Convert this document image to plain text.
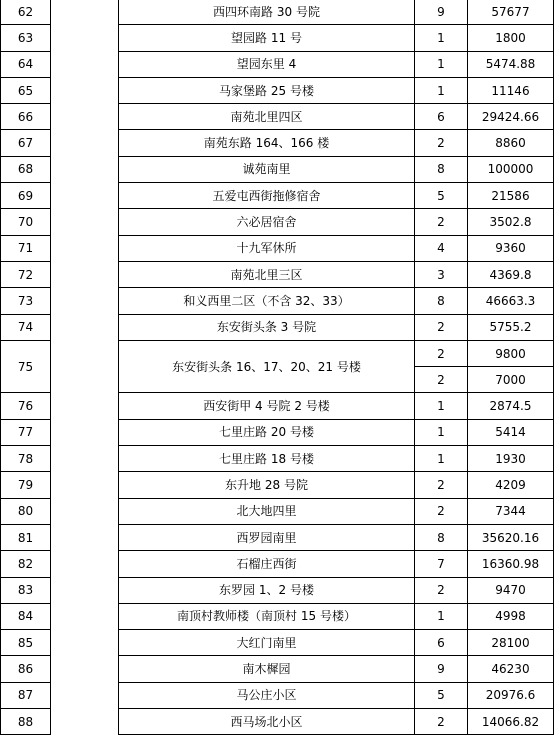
62		西四环南路 30 号院	9	57677
63		望园路 11 号	1	1800
64		望园东里 4	1	5474.88
65		马家堡路 25 号楼	1	11146
66		南苑北里四区	6	29424.66
67		南苑东路 164、166 楼	2	8860
68		诚苑南里	8	100000
69		五爱屯西街拖修宿舍	5	21586
70		六必居宿舍	2	3502.8
71		十九军休所	4	9360
72		南苑北里三区	3	4369.8
73		和义西里二区（不含 32、33）	8	46663.3
74		东安街头条 3 号院	2	5755.2
75		东安街头条 16、17、20、21 号楼	2	9800
			2	7000
76		西安街甲 4 号院 2 号楼	1	2874.5
77		七里庄路 20 号楼	1	5414
78		七里庄路 18 号楼	1	1930
79		东升地 28 号院	2	4209
80		北大地四里	2	7344
81		西罗园南里	8	35620.16
82		石榴庄西街	7	16360.98
83		东罗园 1、2 号楼	2	9470
84		南顶村教师楼（南顶村 15 号楼）	1	4998
85		大红门南里	6	28100
86		南木樨园	9	46230
87		马公庄小区	5	20976.6
88		西马场北小区	2	14066.82
